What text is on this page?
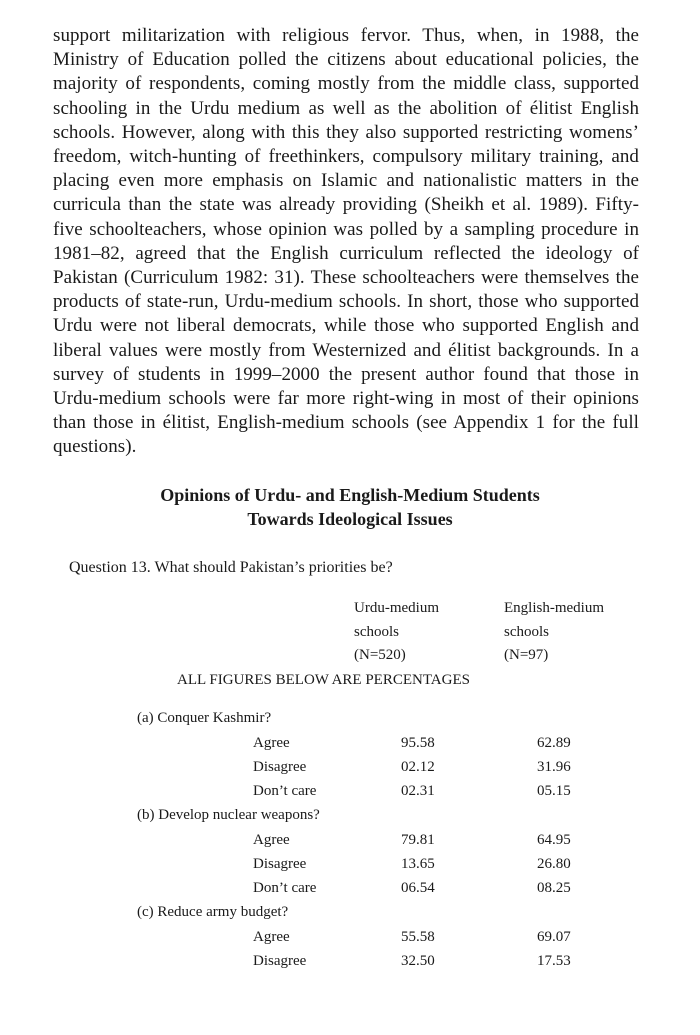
support militarization with religious fervor. Thus, when, in 1988, the Ministry of Education polled the citizens about educational policies, the majority of respondents, coming mostly from the middle class, supported schooling in the Urdu medium as well as the abolition of élitist English schools. However, along with this they also supported restricting womens’ freedom, witch-hunting of freethinkers, compulsory military training, and placing even more emphasis on Islamic and nationalistic matters in the curricula than the state was already providing (Sheikh et al. 1989). Fifty-five schoolteachers, whose opinion was polled by a sampling procedure in 1981–82, agreed that the English curriculum reflected the ideology of Pakistan (Curriculum 1982: 31). These schoolteachers were themselves the products of state-run, Urdu-medium schools. In short, those who supported Urdu were not liberal democrats, while those who supported English and liberal values were mostly from Westernized and élitist backgrounds. In a survey of students in 1999–2000 the present author found that those in Urdu-medium schools were far more right-wing in most of their opinions than those in élitist, English-medium schools (see Appendix 1 for the full questions).

Opinions of Urdu- and English-Medium Students
Towards Ideological Issues
Question 13. What should Pakistan’s priorities be?
Urdu-medium
schools
(N=520)
English-medium
schools
(N=97)
ALL FIGURES BELOW ARE PERCENTAGES
(a) Conquer Kashmir?
Agree	95.58	62.89
Disagree	02.12	31.96
Don’t care	02.31	05.15
(b) Develop nuclear weapons?
Agree	79.81	64.95
Disagree	13.65	26.80
Don’t care	06.54	08.25
(c) Reduce army budget?
Agree	55.58	69.07
Disagree	32.50	17.53
